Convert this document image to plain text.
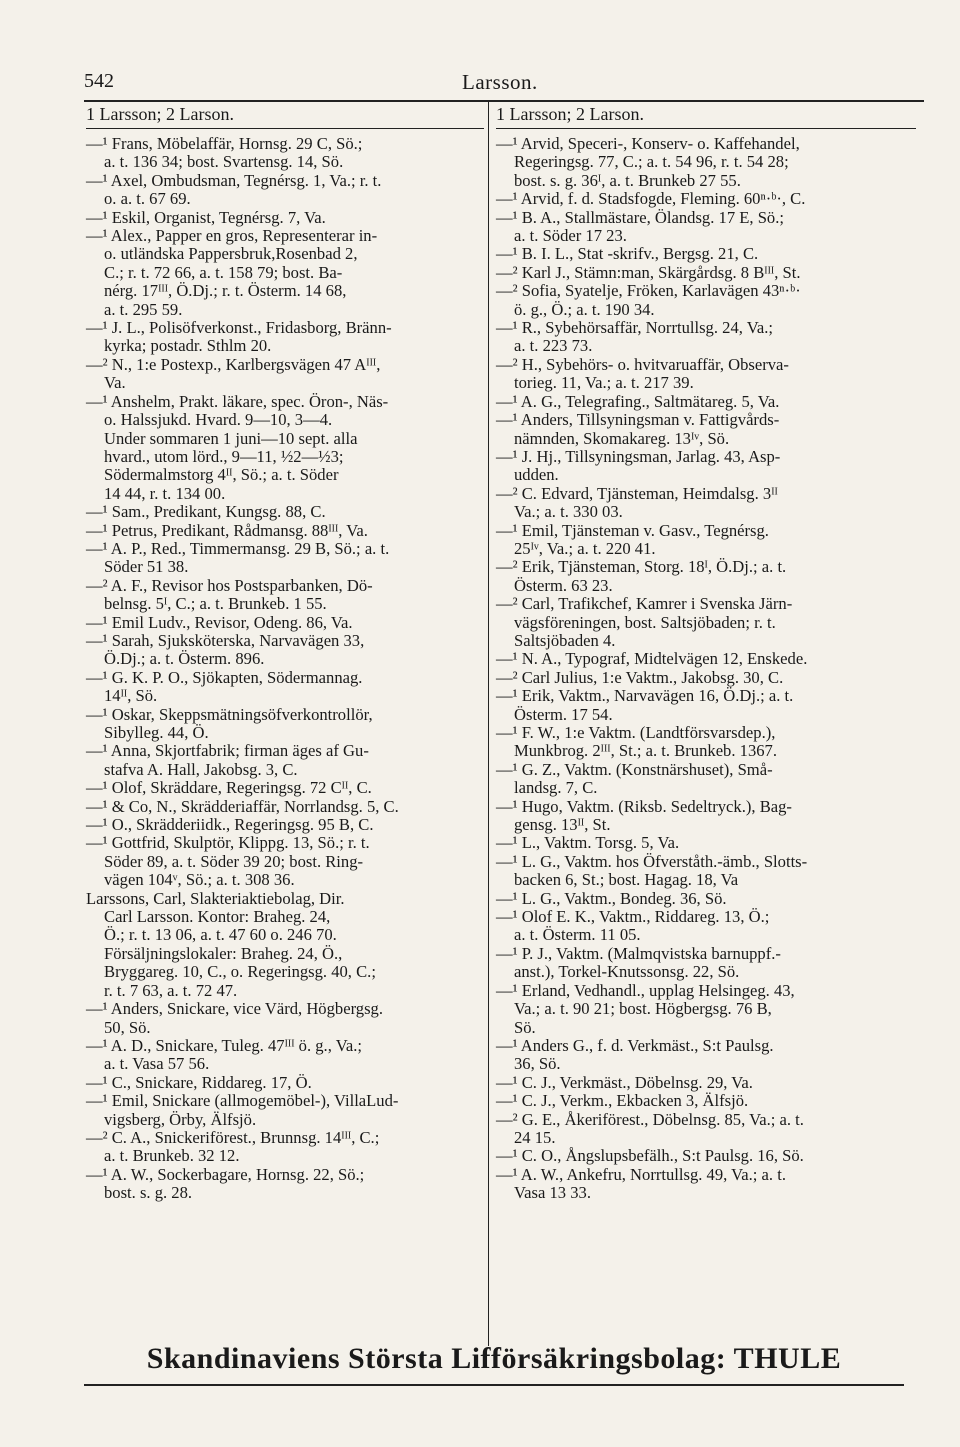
542	Larsson.
1 Larsson; 2 Larson.	1 Larsson; 2 Larson.

—¹ Frans, Möbelaffär, Hornsg. 29 C, Sö.;
a. t. 136 34; bost. Svartensg. 14, Sö.

—¹ Axel, Ombudsman, Tegnérsg. 1, Va.; r. t.
o. a. t. 67 69.

—¹ Eskil, Organist, Tegnérsg. 7, Va.

—¹ Alex., Papper en gros, Representerar in-
o. utländska Pappersbruk,Rosenbad 2,
C.; r. t. 72 66, a. t. 158 79; bost. Ba-
nérg. 17ᴵᴵᴵ, Ö.Dj.; r. t. Österm. 14 68,
a. t. 295 59.

—¹ J. L., Polisöfverkonst., Fridasborg, Bränn-
kyrka; postadr. Sthlm 20.

—² N., 1:e Postexp., Karlbergsvägen 47 Aᴵᴵᴵ,
Va.

—¹ Anshelm, Prakt. läkare, spec. Öron-, Näs-
o. Halssjukd. Hvard. 9—10, 3—4.
Under sommaren 1 juni—10 sept. alla
hvard., utom lörd., 9—11, ½2—½3;
Södermalmstorg 4ᴵᴵ, Sö.; a. t. Söder
14 44, r. t. 134 00.

—¹ Sam., Predikant, Kungsg. 88, C.

—¹ Petrus, Predikant, Rådmansg. 88ᴵᴵᴵ, Va.

—¹ A. P., Red., Timmermansg. 29 B, Sö.; a. t.
Söder 51 38.

—² A. F., Revisor hos Postsparbanken, Dö-
belnsg. 5ᴵ, C.; a. t. Brunkeb. 1 55.

—¹ Emil Ludv., Revisor, Odeng. 86, Va.

—¹ Sarah, Sjuksköterska, Narvavägen 33,
Ö.Dj.; a. t. Österm. 896.

—¹ G. K. P. O., Sjökapten, Södermannag.
14ᴵᴵ, Sö.

—¹ Oskar, Skeppsmätningsöfverkontrollör,
Sibylleg. 44, Ö.

—¹ Anna, Skjortfabrik; firman äges af Gu-
stafva A. Hall, Jakobsg. 3, C.

—¹ Olof, Skräddare, Regeringsg. 72 Cᴵᴵ, C.

—¹ & Co, N., Skrädderiaffär, Norrlandsg. 5, C.

—¹ O., Skrädderiidk., Regeringsg. 95 B, C.

—¹ Gottfrid, Skulptör, Klippg. 13, Sö.; r. t.
Söder 89, a. t. Söder 39 20; bost. Ring-
vägen 104ᵛ, Sö.; a. t. 308 36.

Larssons, Carl, Slakteriaktiebolag, Dir.
Carl Larsson. Kontor: Braheg. 24,
Ö.; r. t. 13 06, a. t. 47 60 o. 246 70.
Försäljningslokaler: Braheg. 24, Ö.,
Bryggareg. 10, C., o. Regeringsg. 40, C.;
r. t. 7 63, a. t. 72 47.

—¹ Anders, Snickare, vice Värd, Högbergsg.
50, Sö.

—¹ A. D., Snickare, Tuleg. 47ᴵᴵᴵ ö. g., Va.;
a. t. Vasa 57 56.

—¹ C., Snickare, Riddareg. 17, Ö.

—¹ Emil, Snickare (allmogemöbel-), VillaLud-
vigsberg, Örby, Älfsjö.

—² C. A., Snickeriförest., Brunnsg. 14ᴵᴵᴵ, C.;
a. t. Brunkeb. 32 12.

—¹ A. W., Sockerbagare, Hornsg. 22, Sö.;
bost. s. g. 28.

—¹ Arvid, Speceri-, Konserv- o. Kaffehandel,
Regeringsg. 77, C.; a. t. 54 96, r. t. 54 28;
bost. s. g. 36ᴵ, a. t. Brunkeb 27 55.

—¹ Arvid, f. d. Stadsfogde, Fleming. 60ⁿ·ᵇ·, C.

—¹ B. A., Stallmästare, Ölandsg. 17 E, Sö.;
a. t. Söder 17 23.

—¹ B. I. L., Stat -skrifv., Bergsg. 21, C.

—² Karl J., Stämn:man, Skärgårdsg. 8 Bᴵᴵᴵ, St.

—² Sofia, Syatelje, Fröken, Karlavägen 43ⁿ·ᵇ·
ö. g., Ö.; a. t. 190 34.

—¹ R., Sybehörsaffär, Norrtullsg. 24, Va.;
a. t. 223 73.

—² H., Sybehörs- o. hvitvaruaffär, Observa-
torieg. 11, Va.; a. t. 217 39.

—¹ A. G., Telegrafing., Saltmätareg. 5, Va.

—¹ Anders, Tillsyningsman v. Fattigvårds-
nämnden, Skomakareg. 13ᴵᵛ, Sö.

—¹ J. Hj., Tillsyningsman, Jarlag. 43, Asp-
udden.

—² C. Edvard, Tjänsteman, Heimdalsg. 3ᴵᴵ
Va.; a. t. 330 03.

—¹ Emil, Tjänsteman v. Gasv., Tegnérsg.
25ᴵᵛ, Va.; a. t. 220 41.

—² Erik, Tjänsteman, Storg. 18ᴵ, Ö.Dj.; a. t.
Österm. 63 23.

—² Carl, Trafikchef, Kamrer i Svenska Järn-
vägsföreningen, bost. Saltsjöbaden; r. t.
Saltsjöbaden 4.

—¹ N. A., Typograf, Midtelvägen 12, Enskede.

—² Carl Julius, 1:e Vaktm., Jakobsg. 30, C.

—¹ Erik, Vaktm., Narvavägen 16, Ö.Dj.; a. t.
Österm. 17 54.

—¹ F. W., 1:e Vaktm. (Landtförsvarsdep.),
Munkbrog. 2ᴵᴵᴵ, St.; a. t. Brunkeb. 1367.

—¹ G. Z., Vaktm. (Konstnärshuset), Små-
landsg. 7, C.

—¹ Hugo, Vaktm. (Riksb. Sedeltryck.), Bag-
gensg. 13ᴵᴵ, St.

—¹ L., Vaktm. Torsg. 5, Va.

—¹ L. G., Vaktm. hos Öfverståth.-ämb., Slotts-
backen 6, St.; bost. Hagag. 18, Va

—¹ L. G., Vaktm., Bondeg. 36, Sö.

—¹ Olof E. K., Vaktm., Riddareg. 13, Ö.;
a. t. Österm. 11 05.

—¹ P. J., Vaktm. (Malmqvistska barnuppf.-
anst.), Torkel-Knutssonsg. 22, Sö.

—¹ Erland, Vedhandl., upplag Helsingeg. 43,
Va.; a. t. 90 21; bost. Högbergsg. 76 B,
Sö.

—¹ Anders G., f. d. Verkmäst., S:t Paulsg.
36, Sö.

—¹ C. J., Verkmäst., Döbelnsg. 29, Va.

—¹ C. J., Verkm., Ekbacken 3, Älfsjö.

—² G. E., Åkeriförest., Döbelnsg. 85, Va.; a. t.
24 15.

—¹ C. O., Ångslupsbefälh., S:t Paulsg. 16, Sö.

—¹ A. W., Ankefru, Norrtullsg. 49, Va.; a. t.
Vasa 13 33.

Skandinaviens Största Lifförsäkringsbolag: THULE
